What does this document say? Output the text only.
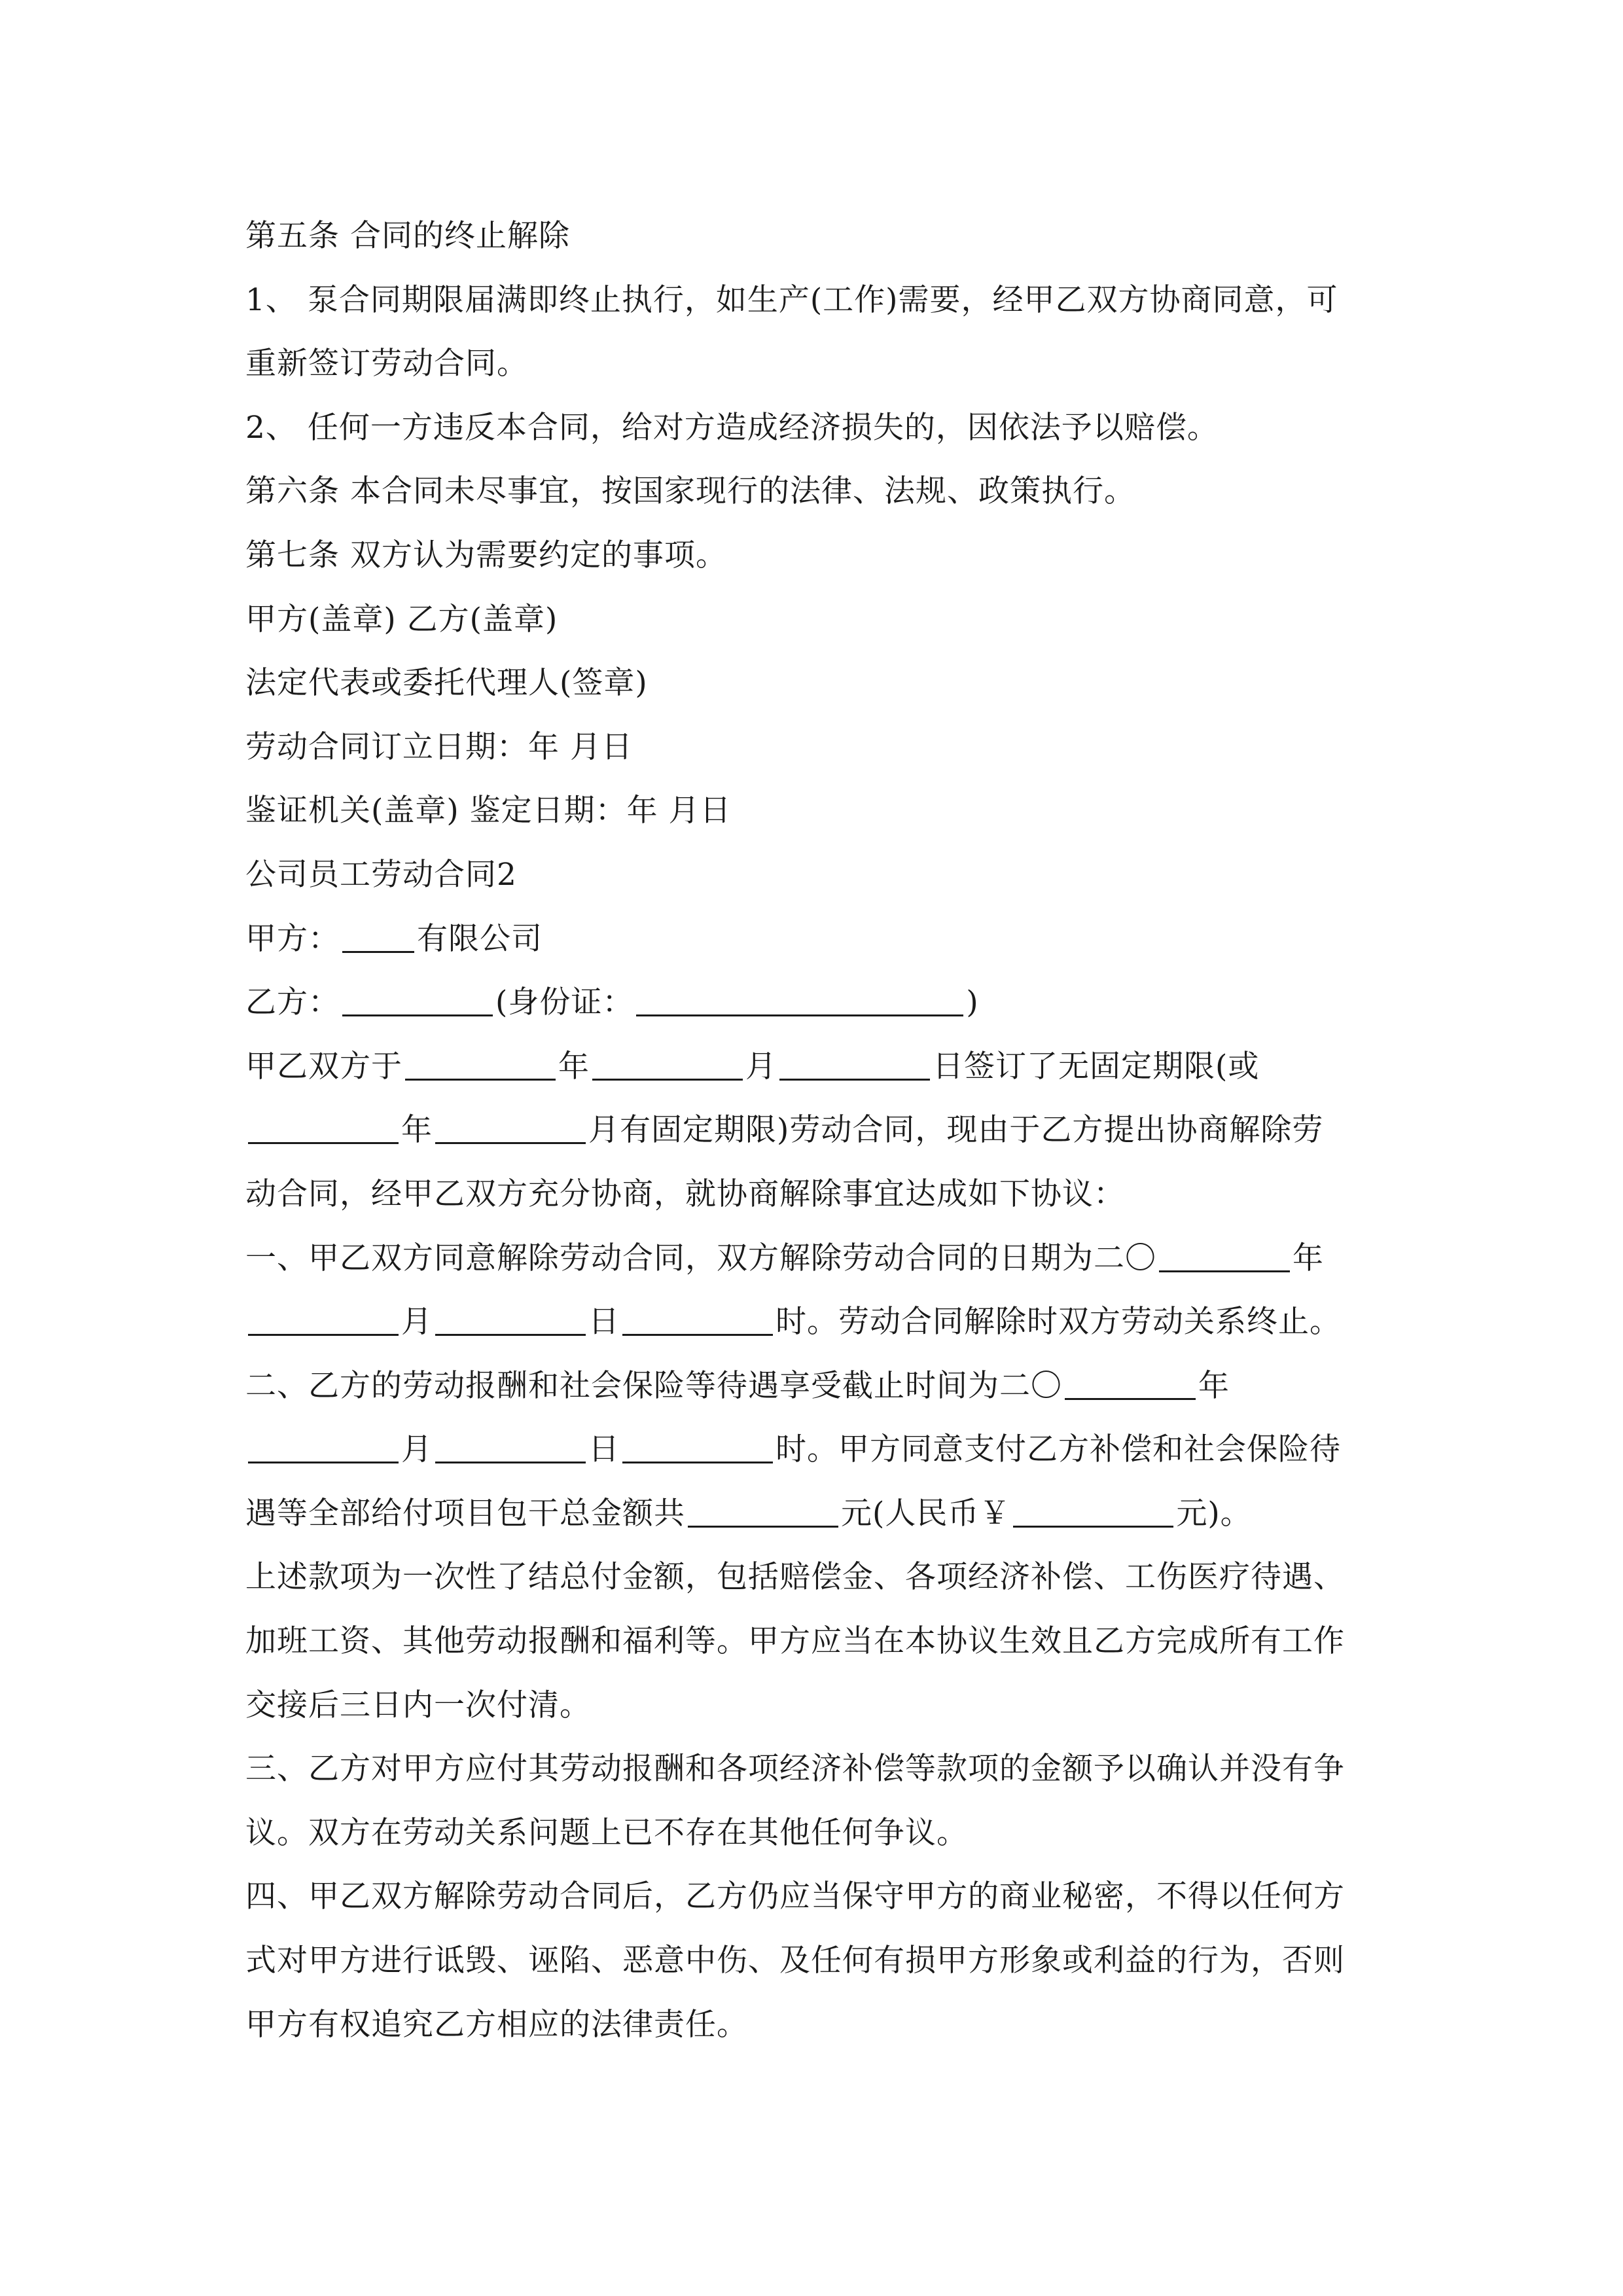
第五条 合同的终止解除
1、 泵合同期限届满即终止执行，如生产(工作)需要，经甲乙双方协商同意，可
重新签订劳动合同。
2、 任何一方违反本合同，给对方造成经济损失的，因依法予以赔偿。
第六条 本合同未尽事宜，按国家现行的法律、法规、政策执行。
第七条 双方认为需要约定的事项。
甲方(盖章) 乙方(盖章)
法定代表或委托代理人(签章)
劳动合同订立日期：年 月日
鉴证机关(盖章) 鉴定日期：年 月日
公司员工劳动合同2
甲方：	有限公司
乙方：	(身份证：	)
甲乙双方于	年	月	日签订了无固定期限(或
年	月有固定期限)劳动合同，现由于乙方提出协商解除劳
动合同，经甲乙双方充分协商，就协商解除事宜达成如下协议：
一、甲乙双方同意解除劳动合同，双方解除劳动合同的日期为二〇	年
月	日	时。劳动合同解除时双方劳动关系终止。
二、乙方的劳动报酬和社会保险等待遇享受截止时间为二〇	年
月	日	时。甲方同意支付乙方补偿和社会保险待
遇等全部给付项目包干总金额共	元(人民币￥	元)。
上述款项为一次性了结总付金额，包括赔偿金、各项经济补偿、工伤医疗待遇、
加班工资、其他劳动报酬和福利等。甲方应当在本协议生效且乙方完成所有工作
交接后三日内一次付清。
三、乙方对甲方应付其劳动报酬和各项经济补偿等款项的金额予以确认并没有争
议。双方在劳动关系问题上已不存在其他任何争议。
四、甲乙双方解除劳动合同后，乙方仍应当保守甲方的商业秘密，不得以任何方
式对甲方进行诋毁、诬陷、恶意中伤、及任何有损甲方形象或利益的行为，否则
甲方有权追究乙方相应的法律责任。
